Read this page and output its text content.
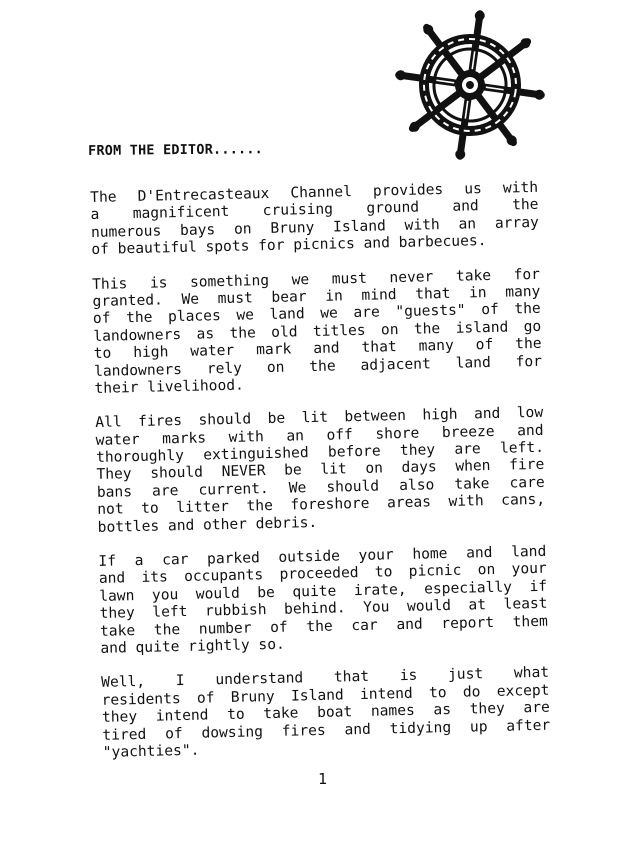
FROM THE EDITOR......
The D'Entrecasteaux Channel provides us with
a magnificent cruising ground and the
numerous bays on Bruny Island with an array
of beautiful spots for picnics and barbecues.
This is something we must never take for
granted. We must bear in mind that in many
of the places we land we are "guests" of the
landowners as the old titles on the island go
to high water mark and that many of the
landowners rely on the adjacent land for
their livelihood.
All fires should be lit between high and low
water marks with an off shore breeze and
thoroughly extinguished before they are left.
They should NEVER be lit on days when fire
bans are current. We should also take care
not to litter the foreshore areas with cans,
bottles and other debris.
If a car parked outside your home and land
and its occupants proceeded to picnic on your
lawn you would be quite irate, especially if
they left rubbish behind. You would at least
take the number of the car and report them
and quite rightly so.
Well, I understand that is just what
residents of Bruny Island intend to do except
they intend to take boat names as they are
tired of dowsing fires and tidying up after
"yachties".
1
